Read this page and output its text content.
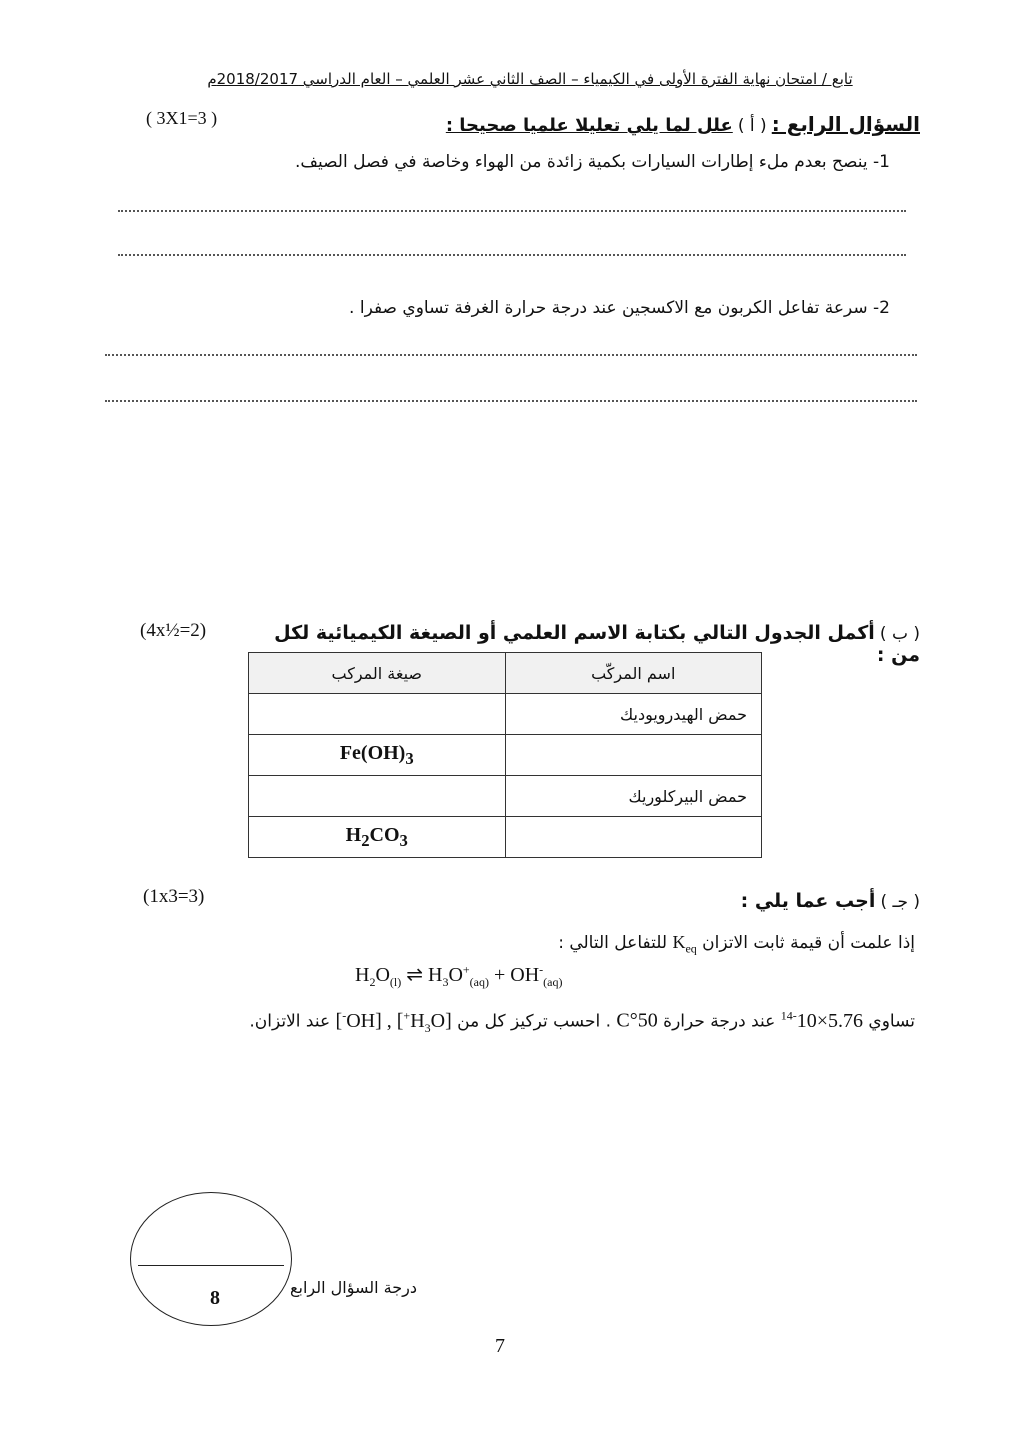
تابع / امتحان نهاية الفترة الأولى في الكيمياء – الصف الثاني عشر العلمي – العام الدراسي 2018/2017م
السؤال الرابع : ( أ ) علل لما يلي تعليلا علميا صحيحا :
( 3X1=3 )
1- ينصح بعدم ملء إطارات السيارات بكمية زائدة من الهواء وخاصة في فصل الصيف.
2- سرعة تفاعل الكربون مع الاكسجين عند درجة حرارة الغرفة تساوي صفرا .
( ب ) أكمل الجدول التالي بكتابة الاسم العلمي أو الصيغة الكيميائية لكل من :
(4x½=2)
اسم المركّب	صيغة المركب
حمض الهيدرويوديك	
	$Fe(OH)_3$
حمض البيركلوريك	
	$H_2CO_3$
( جـ ) أجب عما يلي :
(1x3=3)
إذا علمت أن قيمة ثابت الاتزان $K_{eq}$ للتفاعل التالي :
$H_2O_{(l)}$ ⇌ $H_3O^+_{(aq)} + OH^-_{(aq)}$
تساوي $5.76\times 10^{-14}$ عند درجة حرارة 50°C . احسب تركيز كل من $[H_3O^+]$ , [OH-] عند الاتزان.
8	درجة السؤال الرابع
7
